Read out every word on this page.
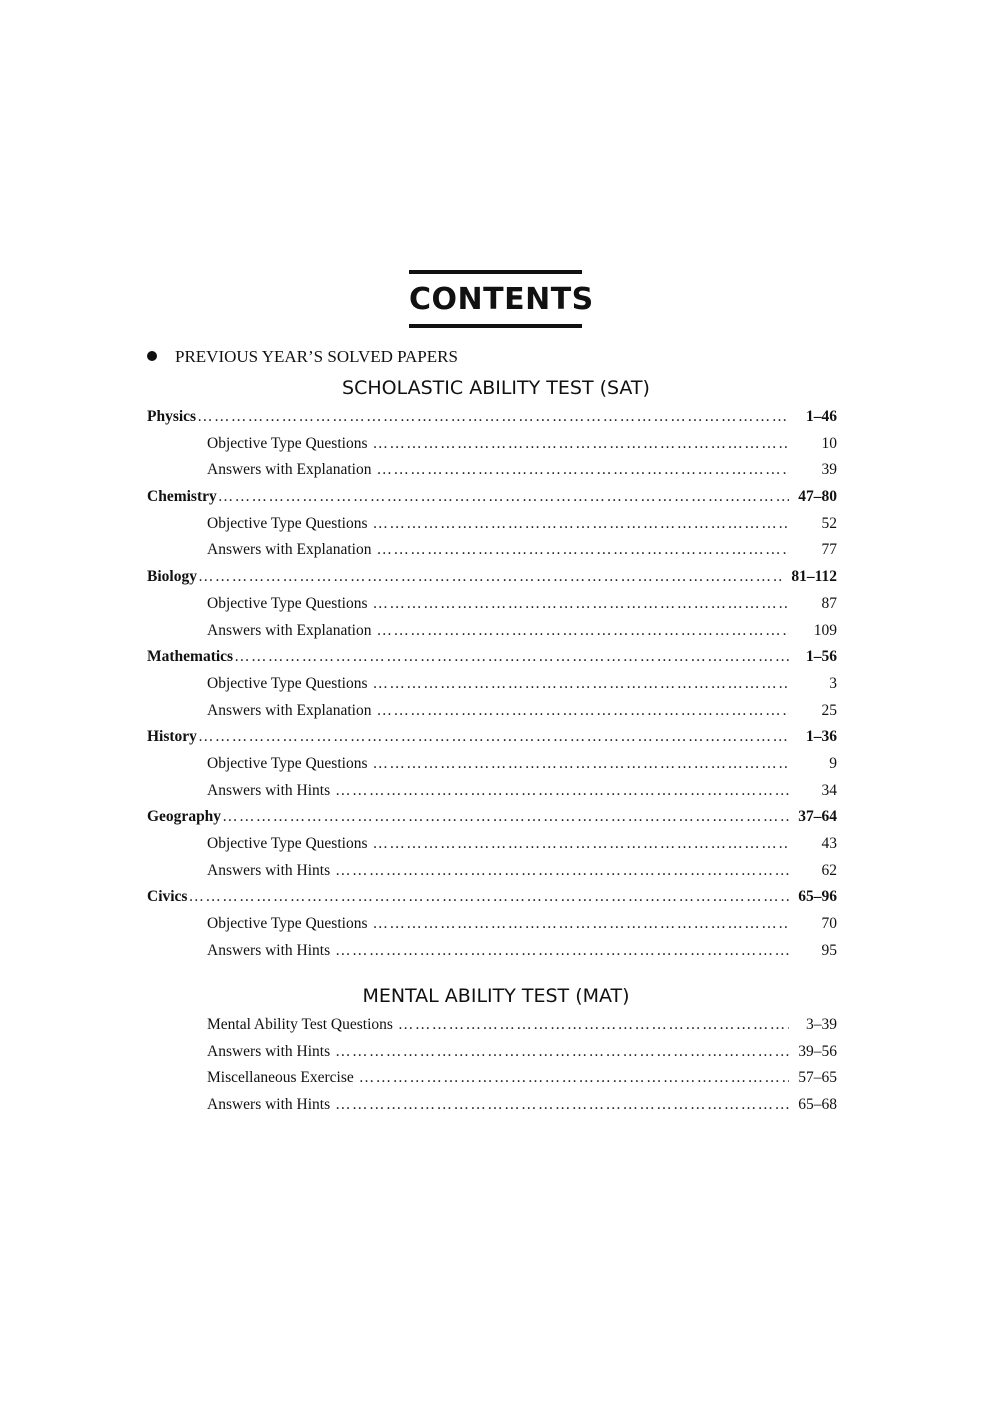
CONTENTS
PREVIOUS YEAR’S SOLVED PAPERS
SCHOLASTIC ABILITY TEST (SAT)
Physics …………………………………………………………………………………………………………………………………………………………………………………………………………………………	1–46
Objective Type Questions …………………………………………………………………………………………………………………………………………………………………………………………………………………………	10
Answers with Explanation …………………………………………………………………………………………………………………………………………………………………………………………………………………………	39
Chemistry …………………………………………………………………………………………………………………………………………………………………………………………………………………………	47–80
Objective Type Questions …………………………………………………………………………………………………………………………………………………………………………………………………………………………	52
Answers with Explanation …………………………………………………………………………………………………………………………………………………………………………………………………………………………	77
Biology …………………………………………………………………………………………………………………………………………………………………………………………………………………………	81–112
Objective Type Questions …………………………………………………………………………………………………………………………………………………………………………………………………………………………	87
Answers with Explanation …………………………………………………………………………………………………………………………………………………………………………………………………………………………	109
Mathematics …………………………………………………………………………………………………………………………………………………………………………………………………………………………	1–56
Objective Type Questions …………………………………………………………………………………………………………………………………………………………………………………………………………………………	3
Answers with Explanation …………………………………………………………………………………………………………………………………………………………………………………………………………………………	25
History …………………………………………………………………………………………………………………………………………………………………………………………………………………………	1–36
Objective Type Questions …………………………………………………………………………………………………………………………………………………………………………………………………………………………	9
Answers with Hints …………………………………………………………………………………………………………………………………………………………………………………………………………………………	34
Geography …………………………………………………………………………………………………………………………………………………………………………………………………………………………	37–64
Objective Type Questions …………………………………………………………………………………………………………………………………………………………………………………………………………………………	43
Answers with Hints …………………………………………………………………………………………………………………………………………………………………………………………………………………………	62
Civics …………………………………………………………………………………………………………………………………………………………………………………………………………………………	65–96
Objective Type Questions …………………………………………………………………………………………………………………………………………………………………………………………………………………………	70
Answers with Hints …………………………………………………………………………………………………………………………………………………………………………………………………………………………	95
MENTAL ABILITY TEST (MAT)
Mental Ability Test Questions …………………………………………………………………………………………………………………………………………………………………………………………………………………………	3–39
Answers with Hints …………………………………………………………………………………………………………………………………………………………………………………………………………………………	39–56
Miscellaneous Exercise …………………………………………………………………………………………………………………………………………………………………………………………………………………………	57–65
Answers with Hints …………………………………………………………………………………………………………………………………………………………………………………………………………………………	65–68
